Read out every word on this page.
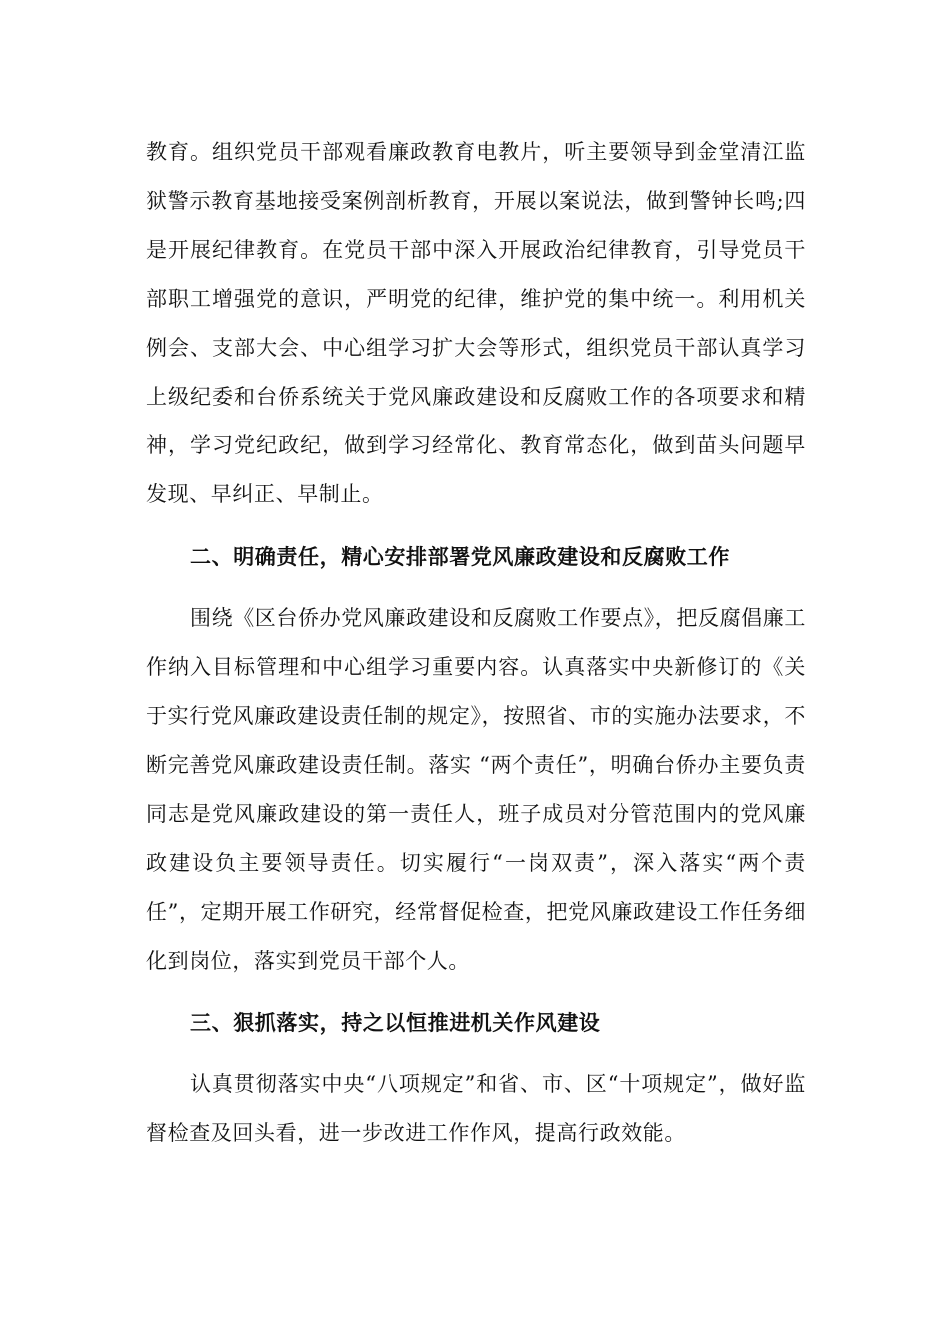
教育。组织党员干部观看廉政教育电教片，听主要领导到金堂清江监狱警示教育基地接受案例剖析教育，开展以案说法，做到警钟长鸣;四是开展纪律教育。在党员干部中深入开展政治纪律教育，引导党员干部职工增强党的意识，严明党的纪律，维护党的集中统一。利用机关例会、支部大会、中心组学习扩大会等形式，组织党员干部认真学习上级纪委和台侨系统关于党风廉政建设和反腐败工作的各项要求和精神，学习党纪政纪，做到学习经常化、教育常态化，做到苗头问题早发现、早纠正、早制止。

二、明确责任，精心安排部署党风廉政建设和反腐败工作

围绕《区台侨办党风廉政建设和反腐败工作要点》，把反腐倡廉工作纳入目标管理和中心组学习重要内容。认真落实中央新修订的《关于实行党风廉政建设责任制的规定》，按照省、市的实施办法要求，不断完善党风廉政建设责任制。落实 “两个责任”，明确台侨办主要负责同志是党风廉政建设的第一责任人，班子成员对分管范围内的党风廉政建设负主要领导责任。切实履行“一岗双责”，深入落实“两个责任”，定期开展工作研究，经常督促检查，把党风廉政建设工作任务细化到岗位，落实到党员干部个人。

三、狠抓落实，持之以恒推进机关作风建设

认真贯彻落实中央“八项规定”和省、市、区“十项规定”，做好监督检查及回头看，进一步改进工作作风，提高行政效能。
